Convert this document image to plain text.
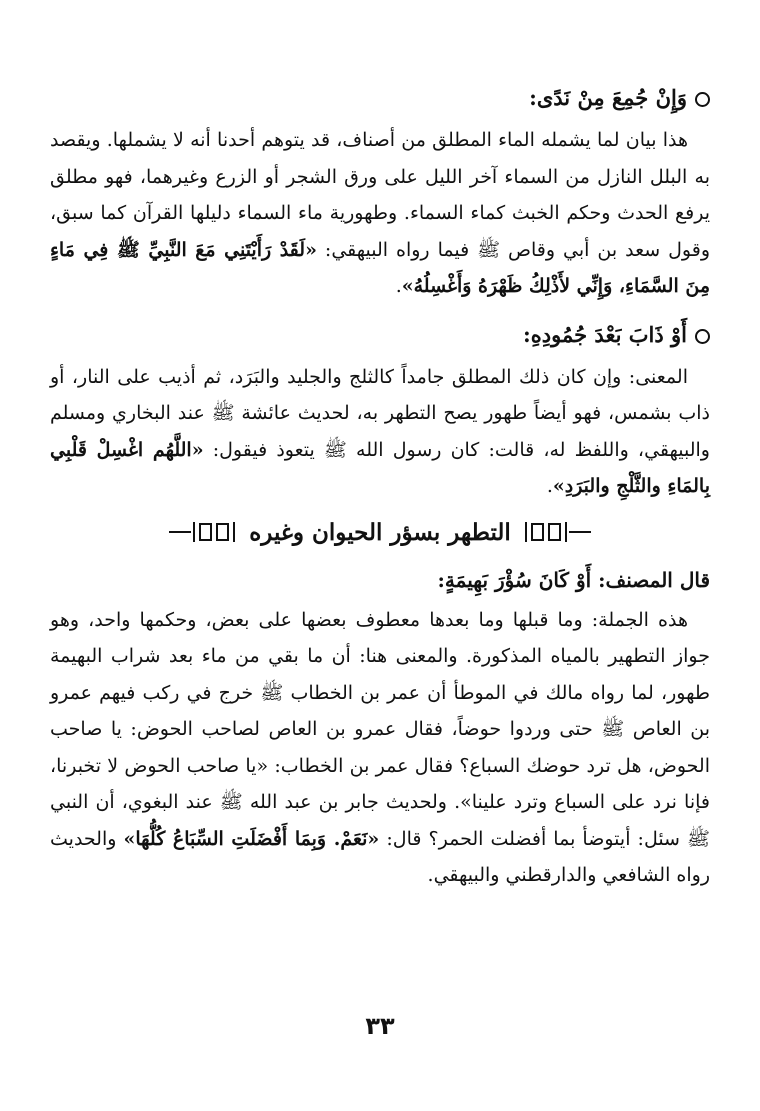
وَإِنْ جُمِعَ مِنْ نَدًى:

هذا بيان لما يشمله الماء المطلق من أصناف، قد يتوهم أحدنا أنه لا يشملها. ويقصد به البلل النازل من السماء آخر الليل على ورق الشجر أو الزرع وغيرهما، فهو مطلق يرفع الحدث وحكم الخبث كماء السماء. وطهورية ماء السماء دليلها القرآن كما سبق، وقول سعد بن أبي وقاص ﷺ فيما رواه البيهقي: «لَقَدْ رَأَيْتَنِي مَعَ النَّبِيِّ ﷺ فِي مَاءٍ مِنَ السَّمَاءِ، وَإِنِّي لأَذْلِكُ ظَهْرَهُ وَأَغْسِلُهُ».

أَوْ ذَابَ بَعْدَ جُمُودِهِ:

المعنى: وإن كان ذلك المطلق جامداً كالثلج والجليد والبَرَد، ثم أذيب على النار، أو ذاب بشمس، فهو أيضاً طهور يصح التطهر به، لحديث عائشة ﷺ عند البخاري ومسلم والبيهقي، واللفظ له، قالت: كان رسول الله ﷺ يتعوذ فيقول: «اللَّهُم اغْسِلْ قَلْبِي بِالمَاءِ والثَّلْجِ والبَرَدِ».

التطهر بسؤر الحيوان وغيره
قال المصنف: أَوْ كَانَ سُؤْرَ بَهِيمَةٍ:

هذه الجملة: وما قبلها وما بعدها معطوف بعضها على بعض، وحكمها واحد، وهو جواز التطهير بالمياه المذكورة. والمعنى هنا: أن ما بقي من ماء بعد شراب البهيمة طهور، لما رواه مالك في الموطأ أن عمر بن الخطاب ﷺ خرج في ركب فيهم عمرو بن العاص ﷺ حتى وردوا حوضاً، فقال عمرو بن العاص لصاحب الحوض: يا صاحب الحوض، هل ترد حوضك السباع؟ فقال عمر بن الخطاب: «يا صاحب الحوض لا تخبرنا، فإنا نرد على السباع وترد علينا». ولحديث جابر بن عبد الله ﷺ عند البغوي، أن النبي ﷺ سئل: أيتوضأ بما أفضلت الحمر؟ قال: «نَعَمْ. وَبِمَا أَفْضَلَتِ السِّبَاعُ كُلُّهَا» والحديث رواه الشافعي والدارقطني والبيهقي.

٣٣
